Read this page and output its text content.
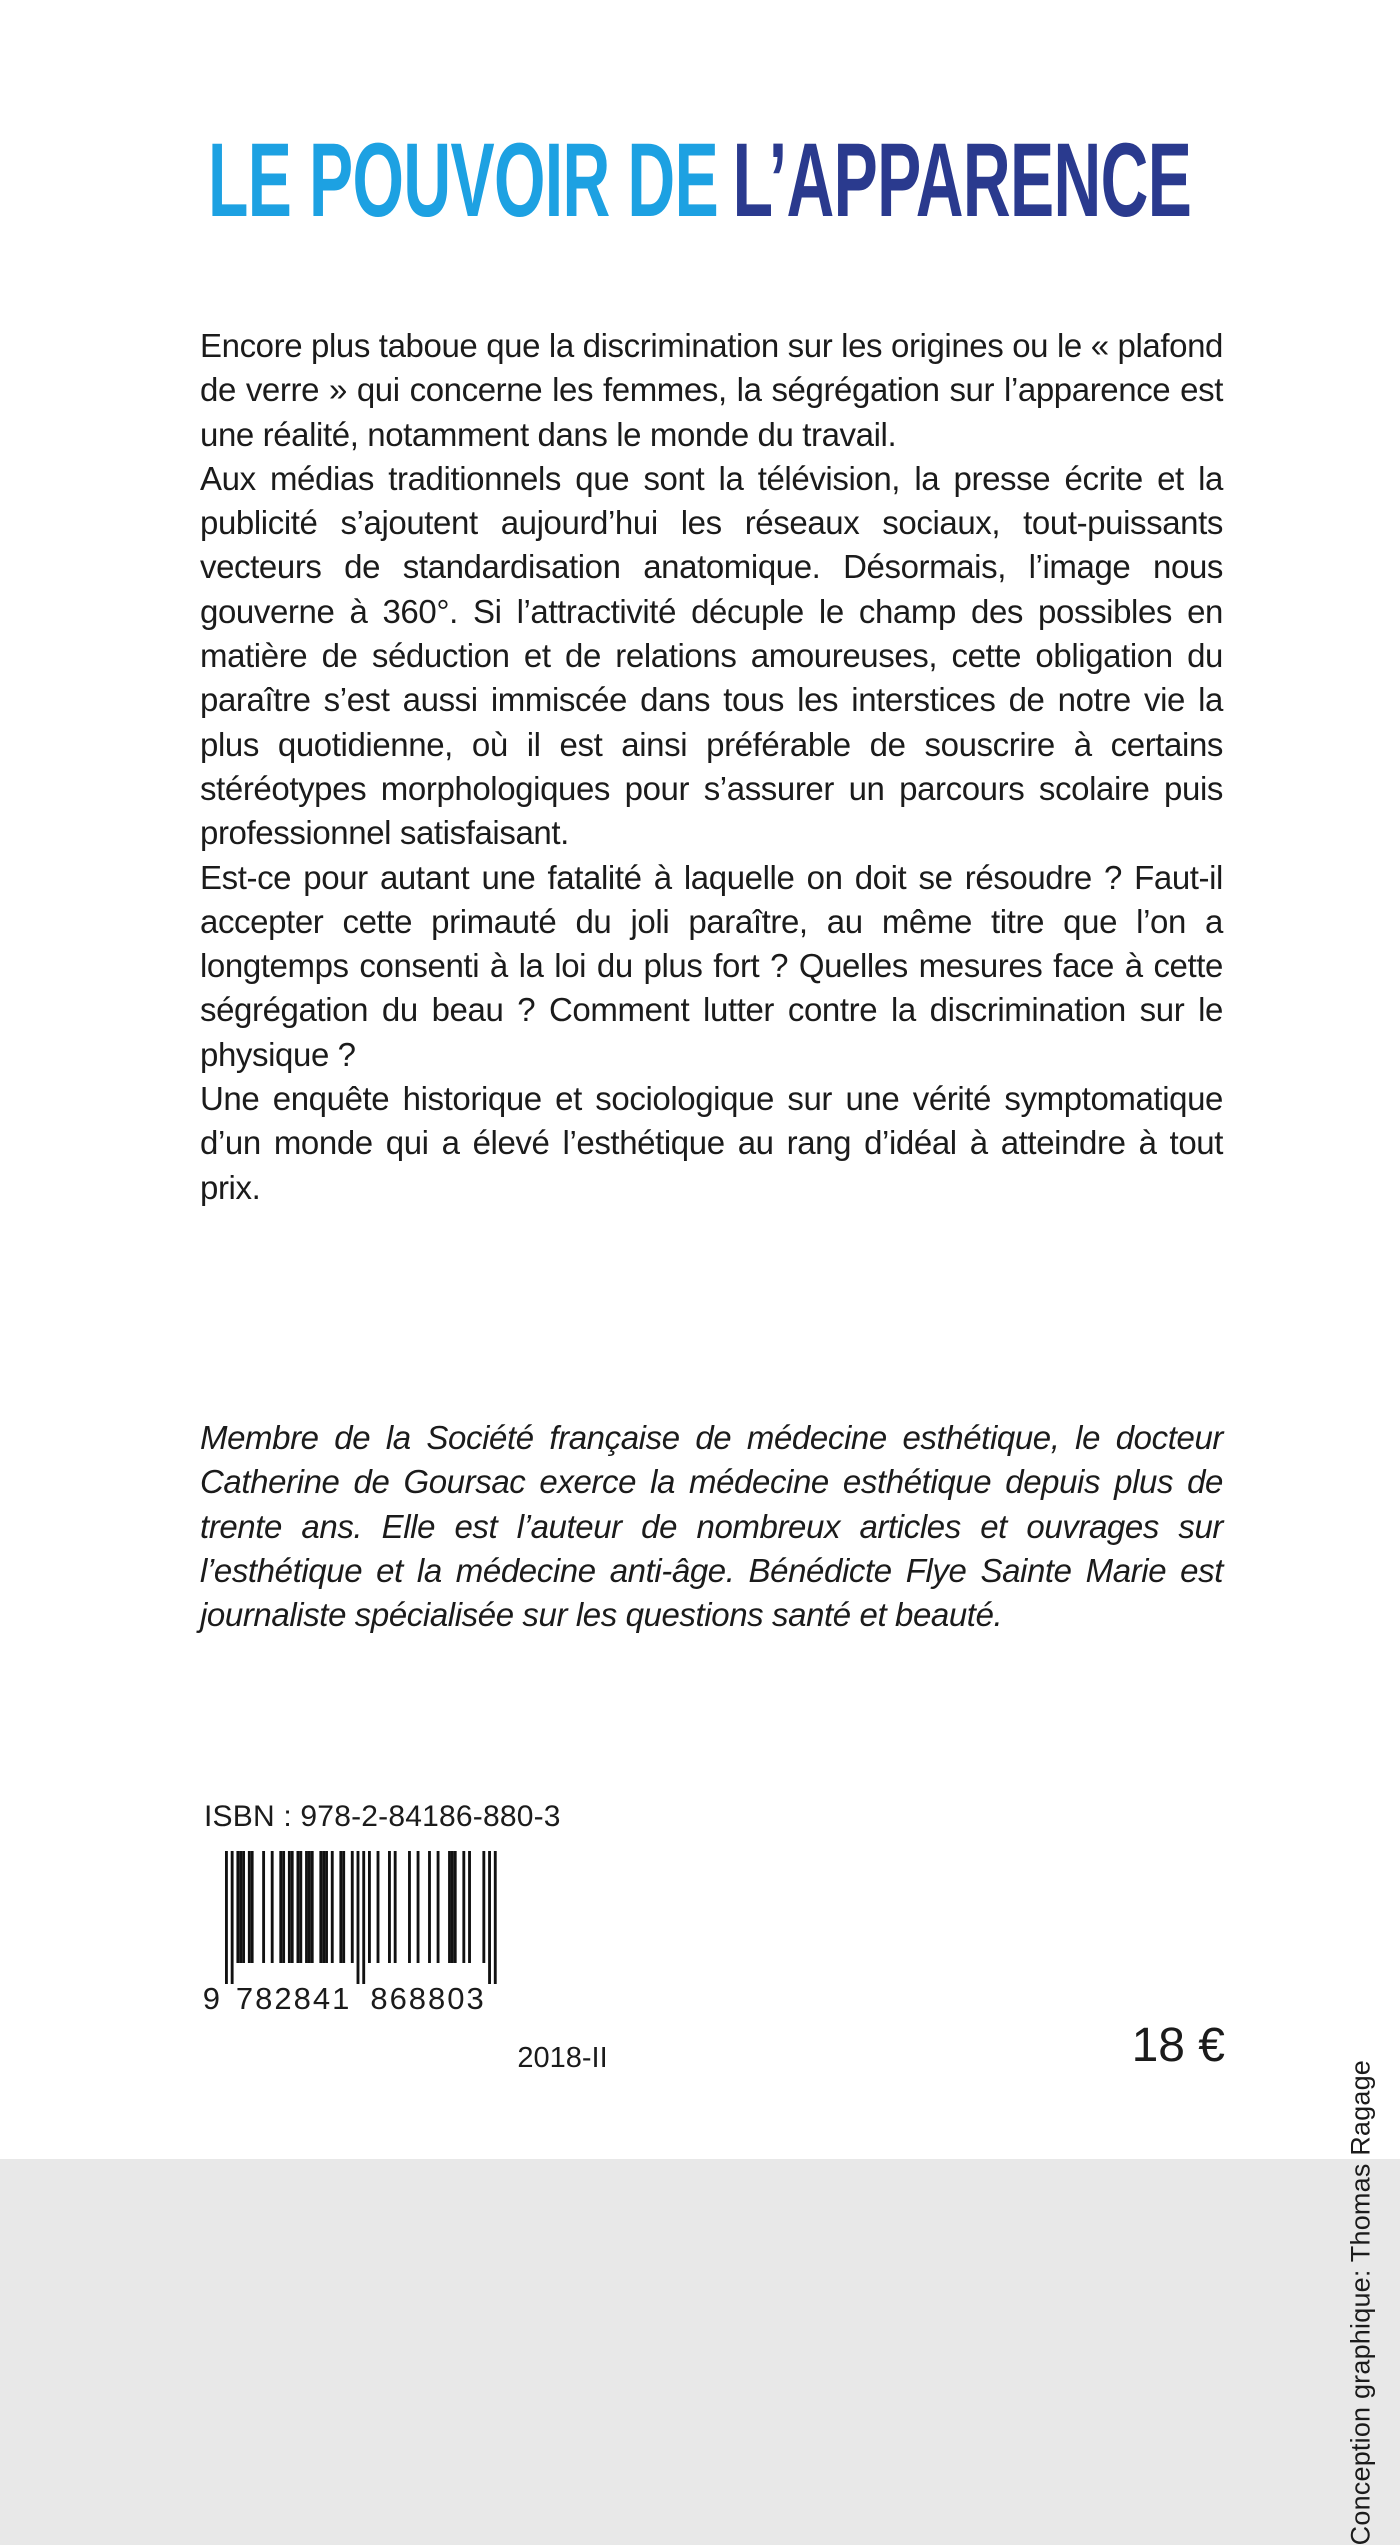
LE POUVOIR DE L’APPARENCE

Encore plus taboue que la discrimination sur les origines ou le « plafond de verre » qui concerne les femmes, la ségrégation sur l’apparence est une réalité, notamment dans le monde du travail.

Aux médias traditionnels que sont la télévision, la presse écrite et la publicité s’ajoutent aujourd’hui les réseaux sociaux, tout-puissants vecteurs de standardisation anatomique. Désormais, l’image nous gouverne à 360°. Si l’attractivité décuple le champ des possibles en matière de séduction et de relations amoureuses, cette obligation du paraître s’est aussi immiscée dans tous les interstices de notre vie la plus quotidienne, où il est ainsi préférable de souscrire à certains stéréotypes morphologiques pour s’assurer un parcours scolaire puis professionnel satisfaisant.

Est-ce pour autant une fatalité à laquelle on doit se résoudre ? Faut-il accepter cette primauté du joli paraître, au même titre que l’on a longtemps consenti à la loi du plus fort ? Quelles mesures face à cette ségrégation du beau ? Comment lutter contre la discrimination sur le physique ?

Une enquête historique et sociologique sur une vérité symptomatique d’un monde qui a élevé l’esthétique au rang d’idéal à atteindre à tout prix.

Membre de la Société française de médecine esthétique, le docteur Catherine de Goursac exerce la médecine esthétique depuis plus de trente ans. Elle est l’auteur de nombreux articles et ouvrages sur l’esthétique et la médecine anti-âge. Bénédicte Flye Sainte Marie est journaliste spécialisée sur les questions santé et beauté.

ISBN : 978-2-84186-880-3
9 782841 868803
2018-II	18 €
Conception graphique: Thomas Ragage
